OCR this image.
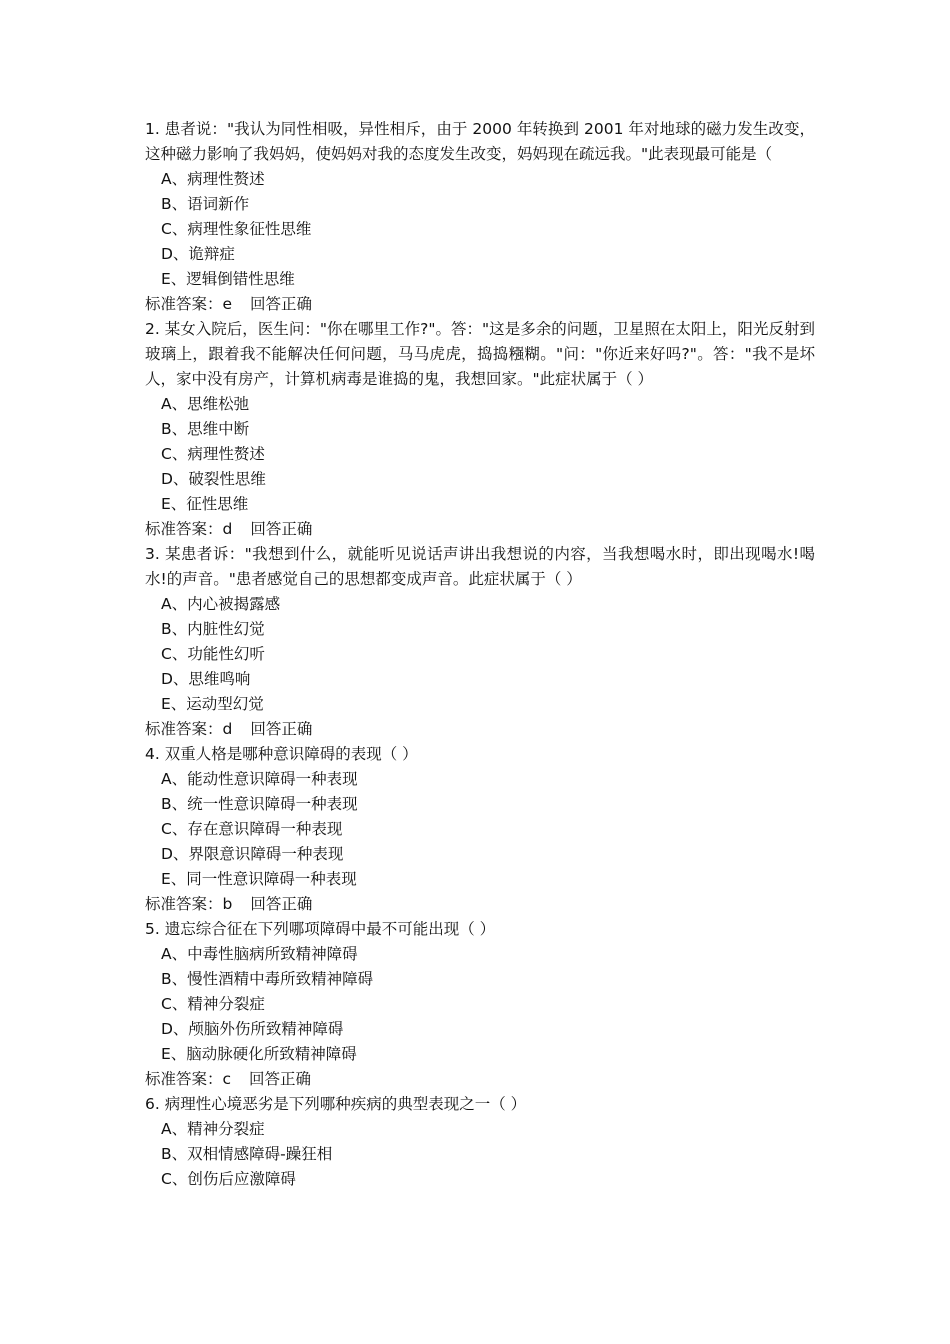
1. 患者说："我认为同性相吸，异性相斥，由于 2000 年转换到 2001 年对地球的磁力发生改变，这种磁力影响了我妈妈，使妈妈对我的态度发生改变，妈妈现在疏远我。"此表现最可能是（

A、病理性赘述

B、语词新作

C、病理性象征性思维

D、诡辩症

E、逻辑倒错性思维

标准答案：e 回答正确

2. 某女入院后，医生问："你在哪里工作?"。答："这是多余的问题，卫星照在太阳上，阳光反射到玻璃上，跟着我不能解决任何问题，马马虎虎，捣捣糨糊。"问："你近来好吗?"。答："我不是坏人，家中没有房产，计算机病毒是谁捣的鬼，我想回家。"此症状属于（ ）

A、思维松弛

B、思维中断

C、病理性赘述

D、破裂性思维

E、征性思维

标准答案：d 回答正确

3. 某患者诉："我想到什么，就能听见说话声讲出我想说的内容，当我想喝水时，即出现喝水!喝水!的声音。"患者感觉自己的思想都变成声音。此症状属于（ ）

A、内心被揭露感

B、内脏性幻觉

C、功能性幻听

D、思维鸣响

E、运动型幻觉

标准答案：d 回答正确

4. 双重人格是哪种意识障碍的表现（ ）

A、能动性意识障碍一种表现

B、统一性意识障碍一种表现

C、存在意识障碍一种表现

D、界限意识障碍一种表现

E、同一性意识障碍一种表现

标准答案：b 回答正确

5. 遗忘综合征在下列哪项障碍中最不可能出现（ ）

A、中毒性脑病所致精神障碍

B、慢性酒精中毒所致精神障碍

C、精神分裂症

D、颅脑外伤所致精神障碍

E、脑动脉硬化所致精神障碍

标准答案：c 回答正确

6. 病理性心境恶劣是下列哪种疾病的典型表现之一（ ）

A、精神分裂症

B、双相情感障碍-躁狂相

C、创伤后应激障碍
